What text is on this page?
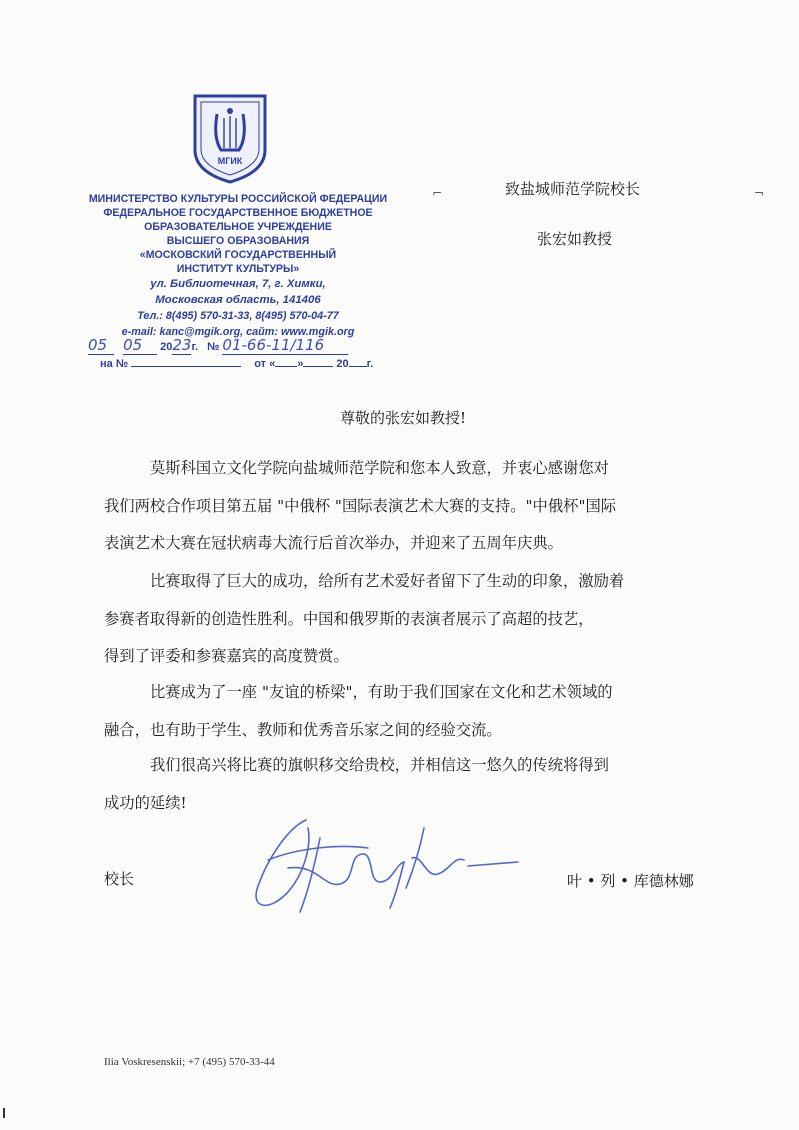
МГИК
МИНИСТЕРСТВО КУЛЬТУРЫ РОССИЙСКОЙ ФЕДЕРАЦИИ
ФЕДЕРАЛЬНОЕ ГОСУДАРСТВЕННОЕ БЮДЖЕТНОЕ
ОБРАЗОВАТЕЛЬНОЕ УЧРЕЖДЕНИЕ
ВЫСШЕГО ОБРАЗОВАНИЯ
«МОСКОВСКИЙ ГОСУДАРСТВЕННЫЙ
ИНСТИТУТ КУЛЬТУРЫ»
ул. Библиотечная, 7, г. Химки,
Московская область, 141406
Тел.: 8(495) 570-31-33, 8(495) 570-04-77
e-mail: kanc@mgik.org, сайт: www.mgik.org
05 05 2023г. № 01-66-11/116
на №	от « »	20 г.
⌐	¬
致盐城师范学院校长
张宏如教授
尊敬的张宏如教授!
莫斯科国立文化学院向盐城师范学院和您本人致意，并衷心感谢您对
我们两校合作项目第五届 "中俄杯 "国际表演艺术大赛的支持。"中俄杯"国际
表演艺术大赛在冠状病毒大流行后首次举办，并迎来了五周年庆典。
比赛取得了巨大的成功，给所有艺术爱好者留下了生动的印象，激励着
参赛者取得新的创造性胜利。中国和俄罗斯的表演者展示了高超的技艺，
得到了评委和参赛嘉宾的高度赞赏。
比赛成为了一座 "友谊的桥梁"，有助于我们国家在文化和艺术领域的
融合，也有助于学生、教师和优秀音乐家之间的经验交流。
我们很高兴将比赛的旗帜移交给贵校，并相信这一悠久的传统将得到
成功的延续!
校长	叶 • 列 • 库德林娜
Ilia Voskresenskii; +7 (495) 570-33-44
